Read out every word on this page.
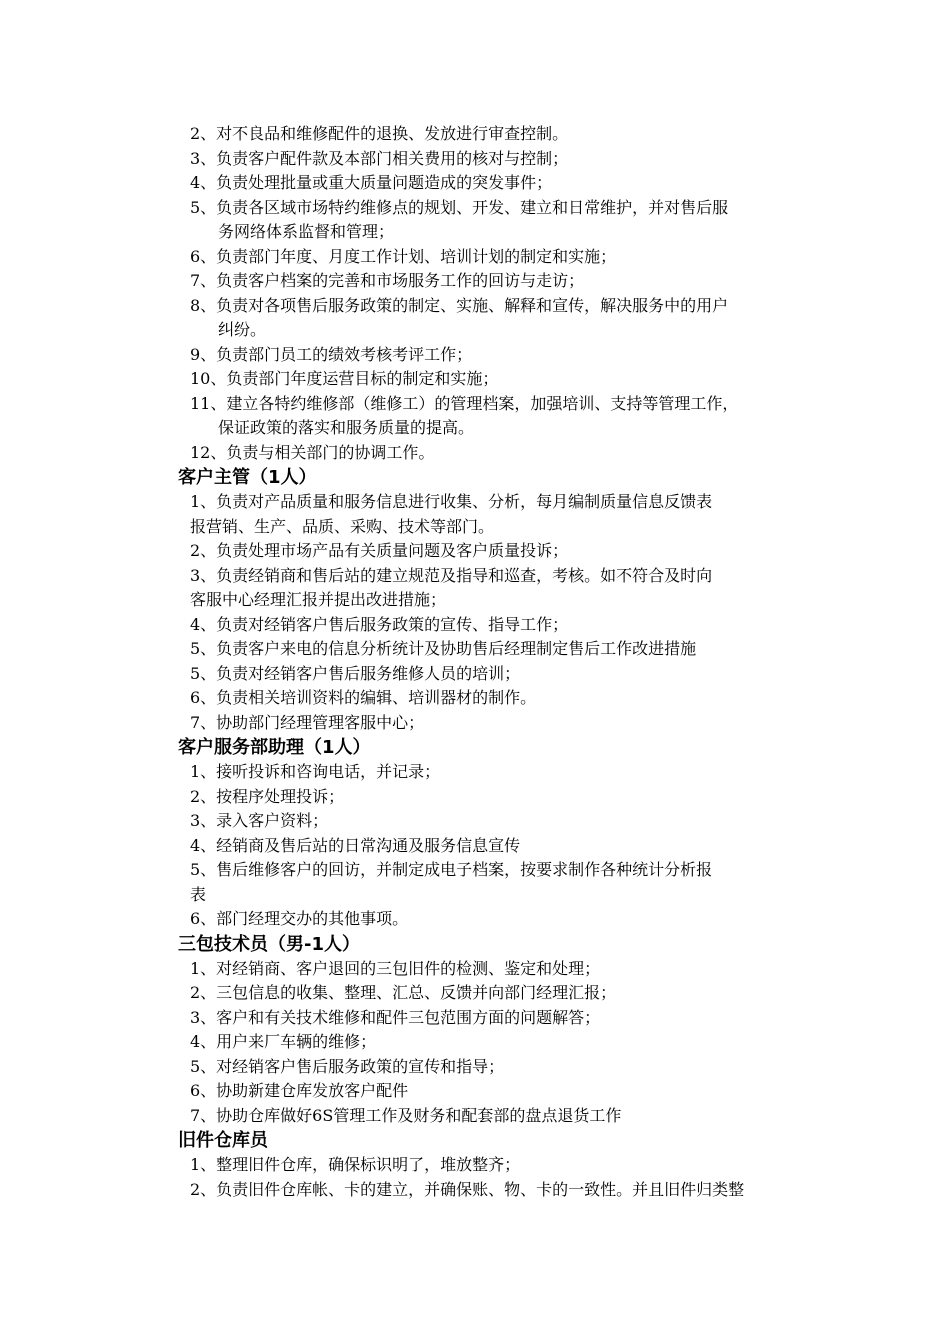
2、对不良品和维修配件的退换、发放进行审查控制。
3、负责客户配件款及本部门相关费用的核对与控制；
4、负责处理批量或重大质量问题造成的突发事件；
5、负责各区域市场特约维修点的规划、开发、建立和日常维护，并对售后服
务网络体系监督和管理；
6、负责部门年度、月度工作计划、培训计划的制定和实施；
7、负责客户档案的完善和市场服务工作的回访与走访；
8、负责对各项售后服务政策的制定、实施、解释和宣传，解决服务中的用户
纠纷。
9、负责部门员工的绩效考核考评工作；
10、负责部门年度运营目标的制定和实施；
11、建立各特约维修部（维修工）的管理档案，加强培训、支持等管理工作，
保证政策的落实和服务质量的提高。
12、负责与相关部门的协调工作。
客户主管（1人）
1、负责对产品质量和服务信息进行收集、分析，每月编制质量信息反馈表
报营销、生产、品质、采购、技术等部门。
2、负责处理市场产品有关质量问题及客户质量投诉；
3、负责经销商和售后站的建立规范及指导和巡查，考核。如不符合及时向
客服中心经理汇报并提出改进措施；
4、负责对经销客户售后服务政策的宣传、指导工作；
5、负责客户来电的信息分析统计及协助售后经理制定售后工作改进措施
5、负责对经销客户售后服务维修人员的培训；
6、负责相关培训资料的编辑、培训器材的制作。
7、协助部门经理管理客服中心；
客户服务部助理（1人）
1、接听投诉和咨询电话，并记录；
2、按程序处理投诉；
3、录入客户资料；
4、经销商及售后站的日常沟通及服务信息宣传
5、售后维修客户的回访，并制定成电子档案，按要求制作各种统计分析报
表
6、部门经理交办的其他事项。
三包技术员（男-1人）
1、对经销商、客户退回的三包旧件的检测、鉴定和处理；
2、三包信息的收集、整理、汇总、反馈并向部门经理汇报；
3、客户和有关技术维修和配件三包范围方面的问题解答；
4、用户来厂车辆的维修；
5、对经销客户售后服务政策的宣传和指导；
6、协助新建仓库发放客户配件
7、协助仓库做好6S管理工作及财务和配套部的盘点退货工作
旧件仓库员
1、整理旧件仓库，确保标识明了，堆放整齐；
2、负责旧件仓库帐、卡的建立，并确保账、物、卡的一致性。并且旧件归类整
